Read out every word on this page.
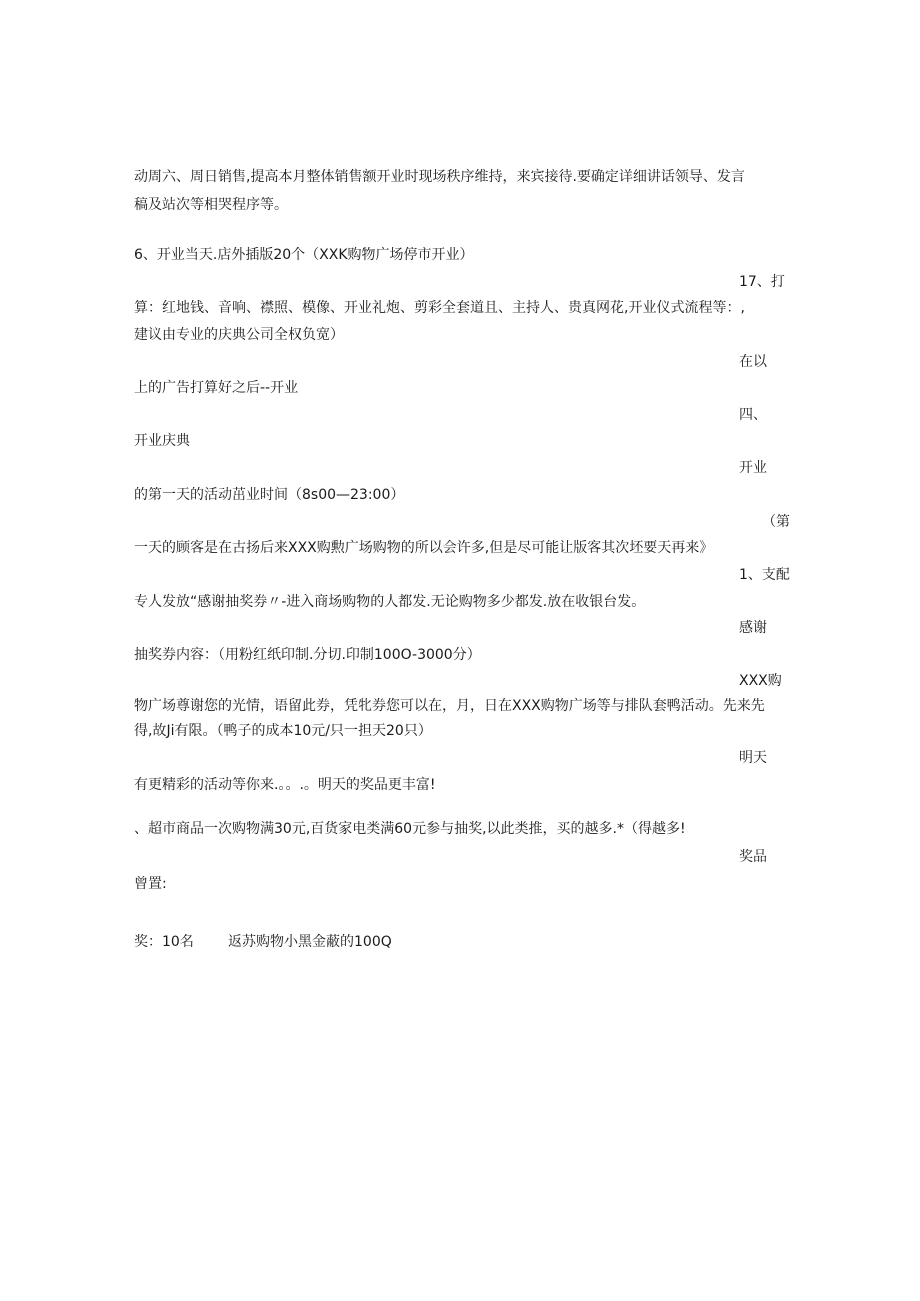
动周六、周日销售,提高本月整体销售额开业时现场秩序维持，来宾接待.要确定详细讲话领导、发言
稿及站次等相哭程序等。
6、开业当天.店外插版20个（XXK购物广场停市开业）
17、打
算：红地钱、音响、襟照、模像、开业礼炮、剪彩全套道且、主持人、贵真网花,开业仪式流程等：,
建议由专业的庆典公司全权负宽）
在以
上的广告打算好之后--开业
四、
开业庆典
开业
的第一天的活动茁业时间（8s00—23:00）
（第
一天的顾客是在古扬后来XXX购勲广场购物的所以会许多,但是尽可能让版客其次坯要天再来》
1、支配
专人发放“感谢抽奖券〃-进入商场购物的人都发.无论购物多少都发.放在收银台发。
感谢
抽奖券内容：（用粉红纸印制.分切.印制100O-3000分）
XXX购
物广场尊谢您的光情，语留此券，凭牝券您可以在，月，日在XXX购物广场等与排队套鸭活动。先来先
得,故Ji有限。（鸭子的成本10元/只一担天20只）
明天
有更精彩的活动等你来.。。.。明天的奖品更丰富!
、超市商品一次购物满30元,百货家电类满60元参与抽奖,以此类推，买的越多.*（得越多!
奖品
曾置:
奖：10名 返苏购物小黑金蔽的100Q
